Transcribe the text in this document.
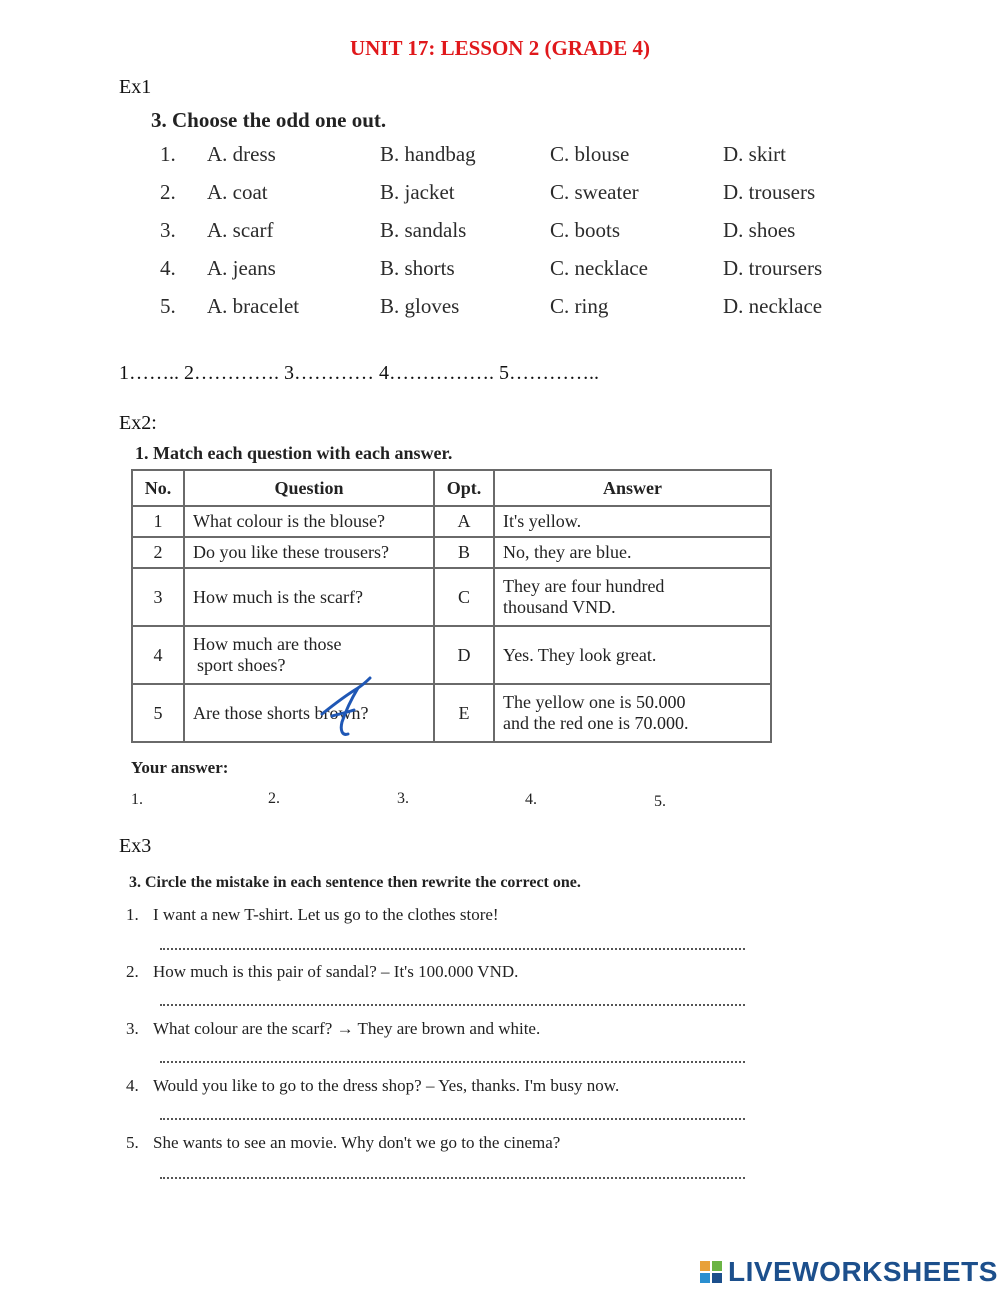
UNIT 17: LESSON 2 (GRADE 4)
Ex1
3. Choose the odd one out.
1. A. dress	B. handbag	C. blouse	D. skirt
2. A. coat	B. jacket	C. sweater	D. trousers
3. A. scarf	B. sandals	C. boots	D. shoes
4. A. jeans	B. shorts	C. necklace	D. troursers
5. A. bracelet	B. gloves	C. ring	D. necklace
1…….. 2…………. 3………… 4……………. 5…………..
Ex2:
1. Match each question with each answer.
No.	Question	Opt.	Answer
1	What colour is the blouse?	A	It's yellow.
2	Do you like these trousers?	B	No, they are blue.
3	How much is the scarf?	C	They are four hundred
thousand VND.

4	How much are those
sport shoes?	D	Yes. They look great.
5	Are those shorts brown?	E	The yellow one is 50.000
and the red one is 70.000.
Your answer:
1.	2.	3.	4.	5.
Ex3
3. Circle the mistake in each sentence then rewrite the correct one.
1. I want a new T-shirt. Let us go to the clothes store!
2. How much is this pair of sandal? – It's 100.000 VND.
3. What colour are the scarf? → They are brown and white.
4. Would you like to go to the dress shop? – Yes, thanks. I'm busy now.
5. She wants to see an movie. Why don't we go to the cinema?
LIVEWORKSHEETS
